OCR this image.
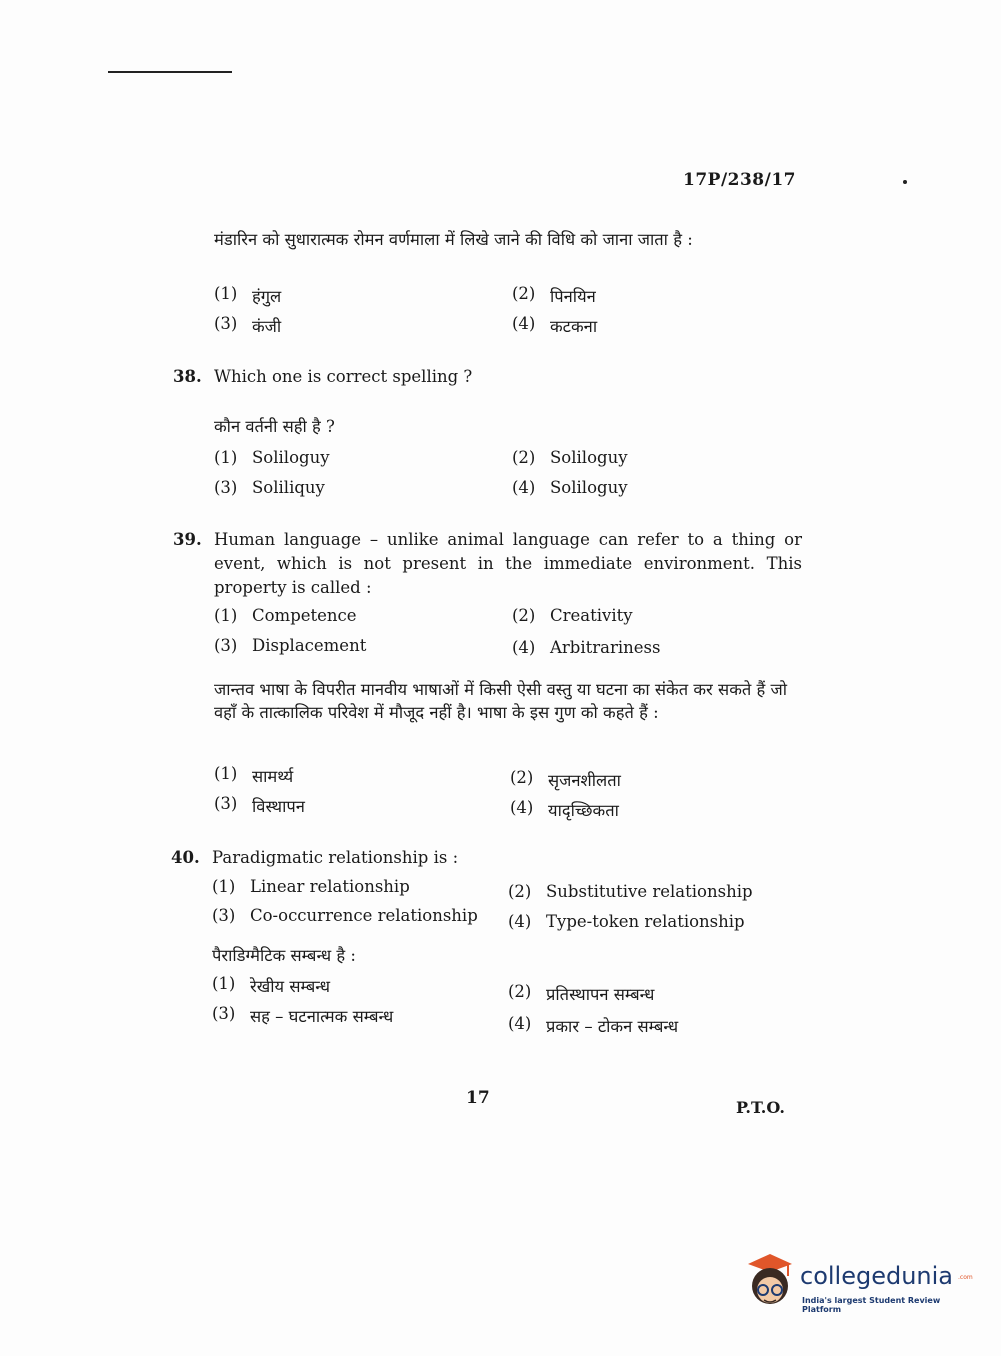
17P/238/17
मंडारिन को सुधारात्मक रोमन वर्णमाला में लिखे जाने की विधि को जाना जाता है :
(1) हंगुल	(2) पिनयिन
(3) कंजी	(4) कटकना
38. Which one is correct spelling ?
कौन वर्तनी सही है ?
(1) Soliloguy	(2) Soliloguy
(3) Soliliquy	(4) Soliloguy
39. Human language – unlike animal language can refer to a thing or event, which is not present in the immediate environment. This property is called :
(1) Competence	(2) Creativity
(3) Displacement	(4) Arbitrariness
जान्तव भाषा के विपरीत मानवीय भाषाओं में किसी ऐसी वस्तु या घटना का संकेत कर सकते हैं जो वहाँ के तात्कालिक परिवेश में मौजूद नहीं है। भाषा के इस गुण को कहते हैं :
(1) सामर्थ्य	(2) सृजनशीलता
(3) विस्थापन	(4) यादृच्छिकता
40. Paradigmatic relationship is :
(1) Linear relationship	(2) Substitutive relationship
(3) Co-occurrence relationship (4) Type-token relationship
पैराडिग्मैटिक सम्बन्ध है :
(1) रेखीय सम्बन्ध	(2) प्रतिस्थापन सम्बन्ध
(3) सह – घटनात्मक सम्बन्ध	(4) प्रकार – टोकन सम्बन्ध
17	P.T.O.
collegedunia .com
India's largest Student Review Platform
